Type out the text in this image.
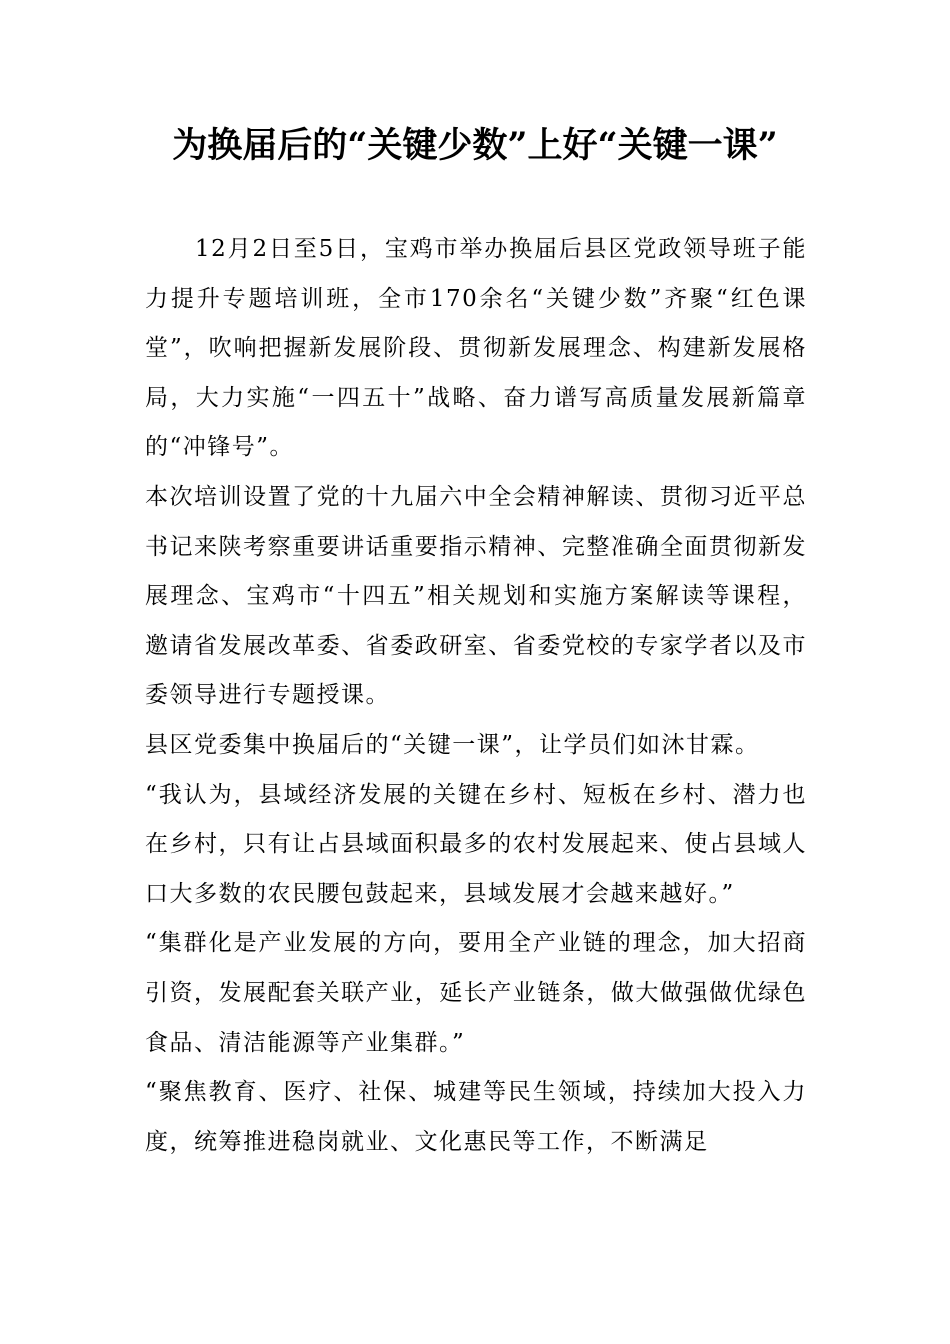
为换届后的“关键少数”上好“关键一课”

12月2日至5日，宝鸡市举办换届后县区党政领导班子能力提升专题培训班，全市170余名“关键少数”齐聚“红色课堂”，吹响把握新发展阶段、贯彻新发展理念、构建新发展格局，大力实施“一四五十”战略、奋力谱写高质量发展新篇章的“冲锋号”。

本次培训设置了党的十九届六中全会精神解读、贯彻习近平总书记来陕考察重要讲话重要指示精神、完整准确全面贯彻新发展理念、宝鸡市“十四五”相关规划和实施方案解读等课程，邀请省发展改革委、省委政研室、省委党校的专家学者以及市委领导进行专题授课。

县区党委集中换届后的“关键一课”，让学员们如沐甘霖。

“我认为，县域经济发展的关键在乡村、短板在乡村、潜力也在乡村，只有让占县域面积最多的农村发展起来、使占县域人口大多数的农民腰包鼓起来，县域发展才会越来越好。”

“集群化是产业发展的方向，要用全产业链的理念，加大招商引资，发展配套关联产业，延长产业链条，做大做强做优绿色食品、清洁能源等产业集群。”

“聚焦教育、医疗、社保、城建等民生领域，持续加大投入力度，统筹推进稳岗就业、文化惠民等工作，不断满足
